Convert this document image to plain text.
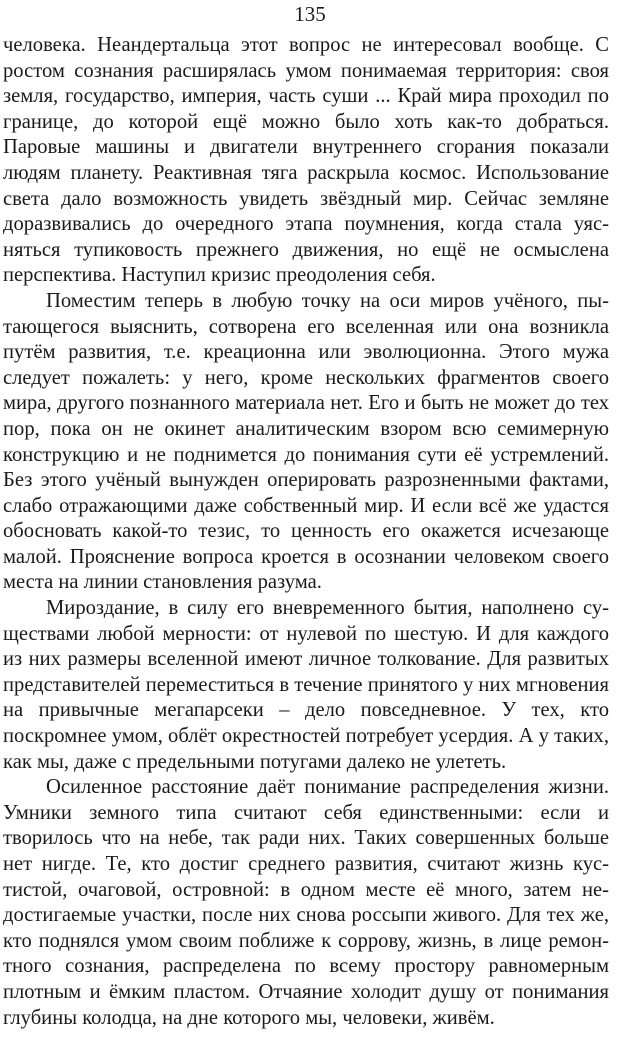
135

человека. Неандертальца этот вопрос не интересовал вообще. С ростом сознания расширялась умом понимаемая территория: своя земля, государство, империя, часть суши ... Край мира проходил по границе, до которой ещё можно было хоть как-то добраться. Паровые машины и двигатели внутреннего сгорания показали людям планету. Реактивная тяга раскрыла космос. Использование света дало возможность увидеть звёздный мир. Сейчас земляне доразвивались до очередного этапа поумнения, когда стала уясняться тупиковость прежнего движения, но ещё не осмыслена перспектива. Наступил кризис преодоления себя.

Поместим теперь в любую точку на оси миров учёного, пытающегося выяснить, сотворена его вселенная или она возникла путём развития, т.е. креационна или эволюционна. Этого мужа следует пожалеть: у него, кроме нескольких фрагментов своего мира, другого познанного материала нет. Его и быть не может до тех пор, пока он не окинет аналитическим взором всю семимерную конструкцию и не поднимется до понимания сути её устремлений. Без этого учёный вынужден оперировать разрозненными фактами, слабо отражающими даже собственный мир. И если всё же удастся обосновать какой-то тезис, то ценность его окажется исчезающе малой. Прояснение вопроса кроется в осознании человеком своего места на линии становления разума.

Мироздание, в силу его вневременного бытия, наполнено существами любой мерности: от нулевой по шестую. И для каждого из них размеры вселенной имеют личное толкование. Для развитых представителей переместиться в течение принятого у них мгновения на привычные мегапарсеки – дело повседневное. У тех, кто поскромнее умом, облёт окрестностей потребует усердия. А у таких, как мы, даже с предельными потугами далеко не улететь.

Осиленное расстояние даёт понимание распределения жизни. Умники земного типа считают себя единственными: если и творилось что на небе, так ради них. Таких совершенных больше нет нигде. Те, кто достиг среднего развития, считают жизнь кустистой, очаговой, островной: в одном месте её много, затем недостигаемые участки, после них снова россыпи живого. Для тех же, кто поднялся умом своим поближе к соррову, жизнь, в лице ремонтного сознания, распределена по всему простору равномерным плотным и ёмким пластом. Отчаяние холодит душу от понимания глубины колодца, на дне которого мы, человеки, живём.
